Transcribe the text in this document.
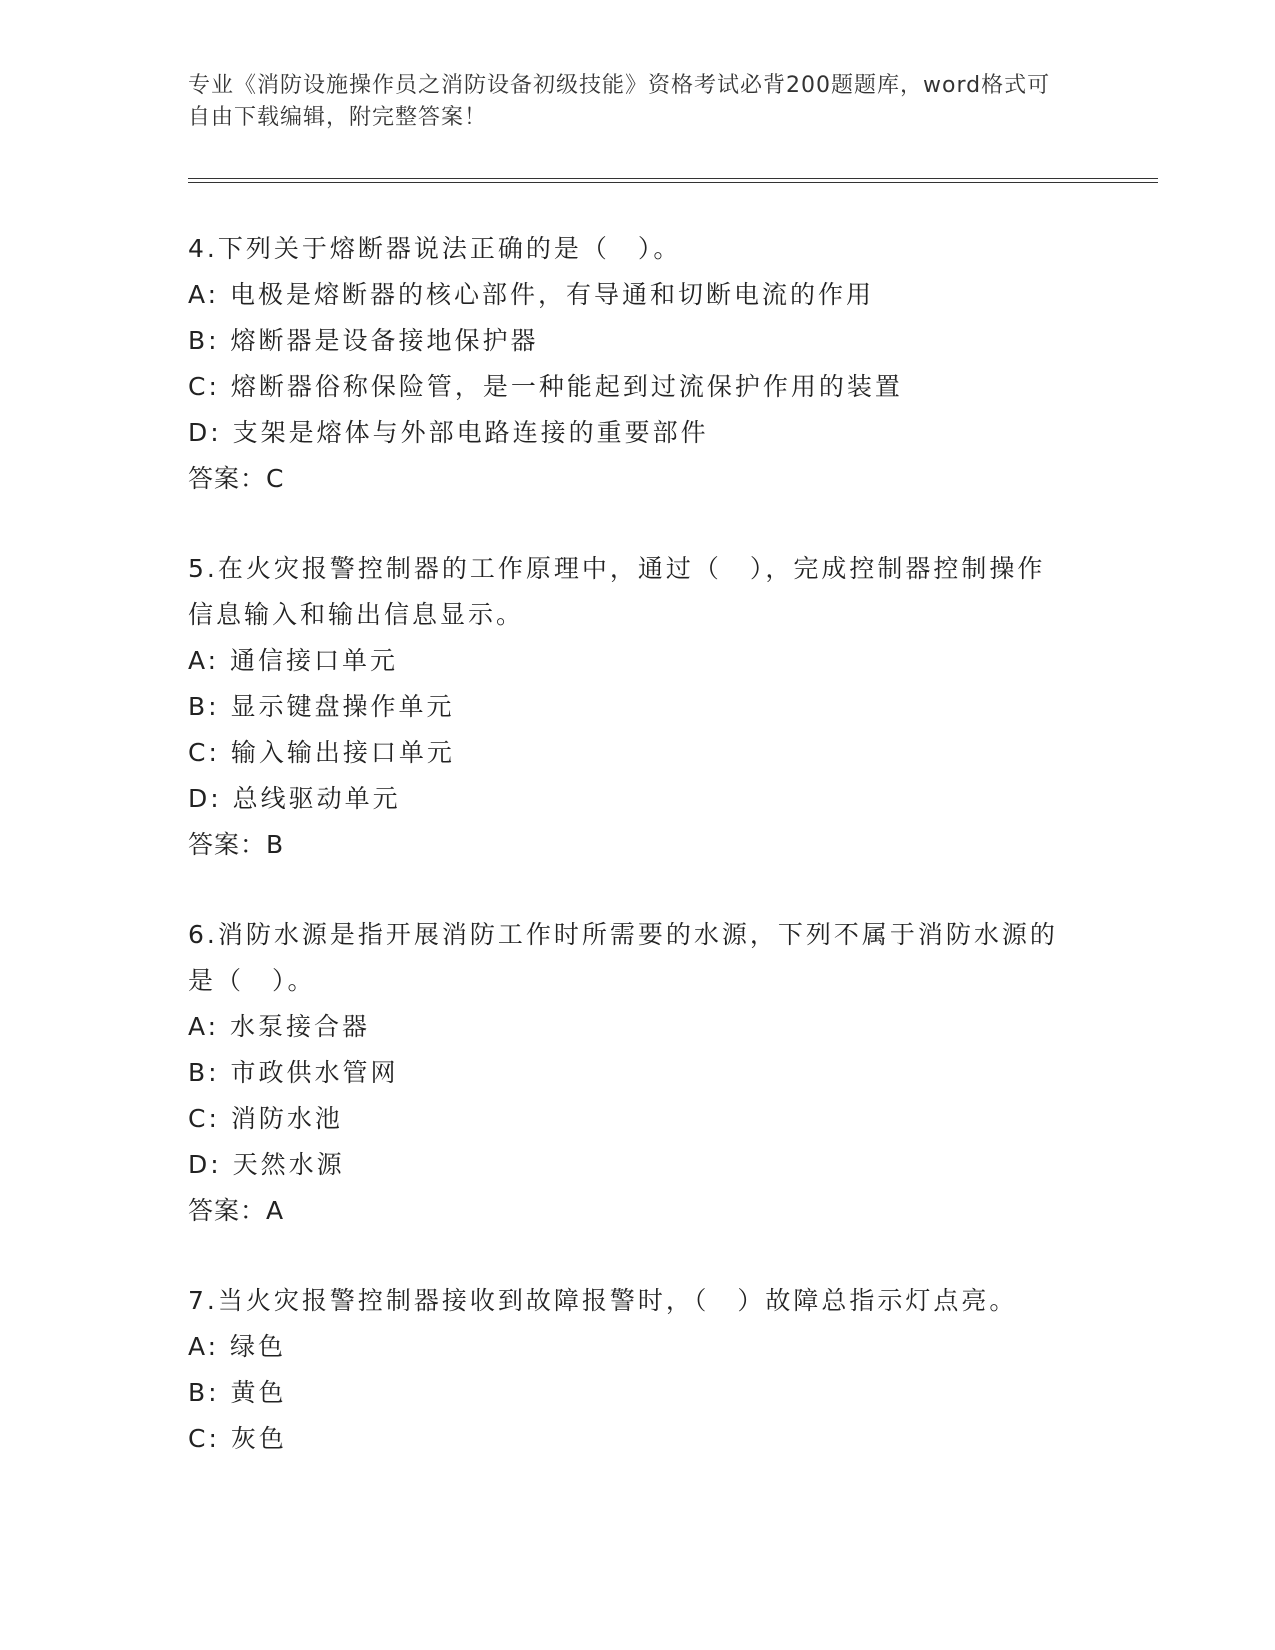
专业《消防设施操作员之消防设备初级技能》资格考试必背200题题库，word格式可自由下载编辑，附完整答案！
4.下列关于熔断器说法正确的是（　）。
A: 电极是熔断器的核心部件，有导通和切断电流的作用
B: 熔断器是设备接地保护器
C: 熔断器俗称保险管，是一种能起到过流保护作用的装置
D: 支架是熔体与外部电路连接的重要部件
答案：C
5.在火灾报警控制器的工作原理中，通过（　），完成控制器控制操作信息输入和输出信息显示。
A: 通信接口单元
B: 显示键盘操作单元
C: 输入输出接口单元
D: 总线驱动单元
答案：B
6.消防水源是指开展消防工作时所需要的水源，下列不属于消防水源的是（　）。
A: 水泵接合器
B: 市政供水管网
C: 消防水池
D: 天然水源
答案：A
7.当火灾报警控制器接收到故障报警时，（　）故障总指示灯点亮。
A: 绿色
B: 黄色
C: 灰色
